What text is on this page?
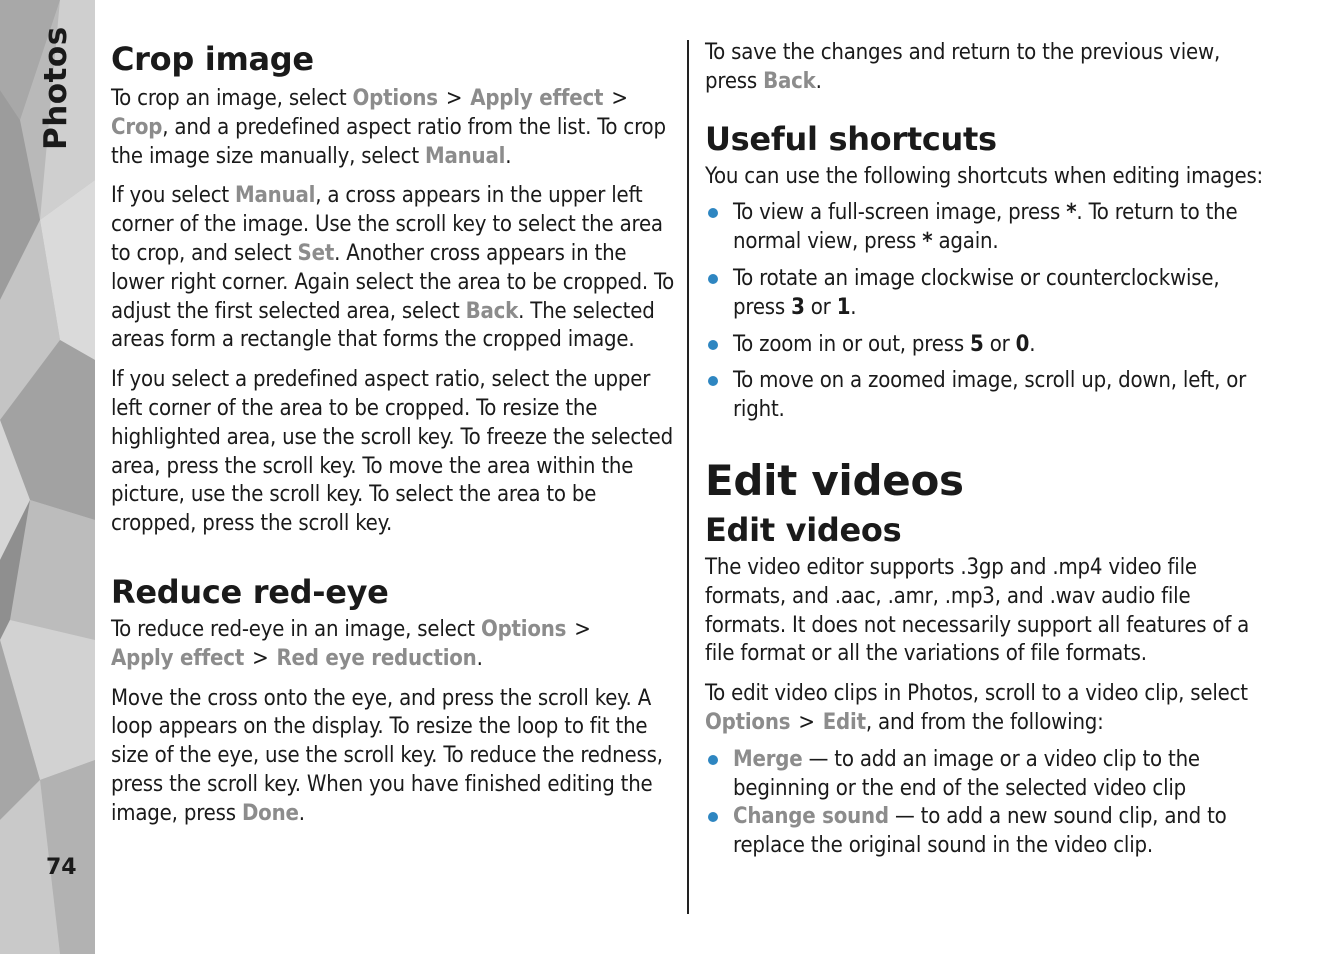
Photos
74
Crop image

To crop an image, select Options > Apply effect >Crop, and a predefined aspect ratio from the list. To crop the image size manually, select Manual.

If you select Manual, a cross appears in the upper left corner of the image. Use the scroll key to select the area to crop, and select Set. Another cross appears in the lower right corner. Again select the area to be cropped. To adjust the first selected area, select Back. The selected areas form a rectangle that forms the cropped image.

If you select a predefined aspect ratio, select the upper left corner of the area to be cropped. To resize the highlighted area, use the scroll key. To freeze the selected area, press the scroll key. To move the area within the picture, use the scroll key. To select the area to be cropped, press the scroll key.

Reduce red-eye

To reduce red-eye in an image, select Options >
Apply effect > Red eye reduction.

Move the cross onto the eye, and press the scroll key. A loop appears on the display. To resize the loop to fit the size of the eye, use the scroll key. To reduce the redness, press the scroll key. When you have finished editing the image, press Done.

To save the changes and return to the previous view, press Back.

Useful shortcuts

You can use the following shortcuts when editing images:

To view a full-screen image, press *. To return to the normal view, press * again.
To rotate an image clockwise or counterclockwise, press 3 or 1.
To zoom in or out, press 5 or 0.
To move on a zoomed image, scroll up, down, left, or right.
Edit videos
Edit videos

The video editor supports .3gp and .mp4 video file formats, and .aac, .amr, .mp3, and .wav audio file formats. It does not necessarily support all features of a file format or all the variations of file formats.

To edit video clips in Photos, scroll to a video clip, select Options > Edit, and from the following:

Merge — to add an image or a video clip to the beginning or the end of the selected video clip
Change sound — to add a new sound clip, and to replace the original sound in the video clip.
